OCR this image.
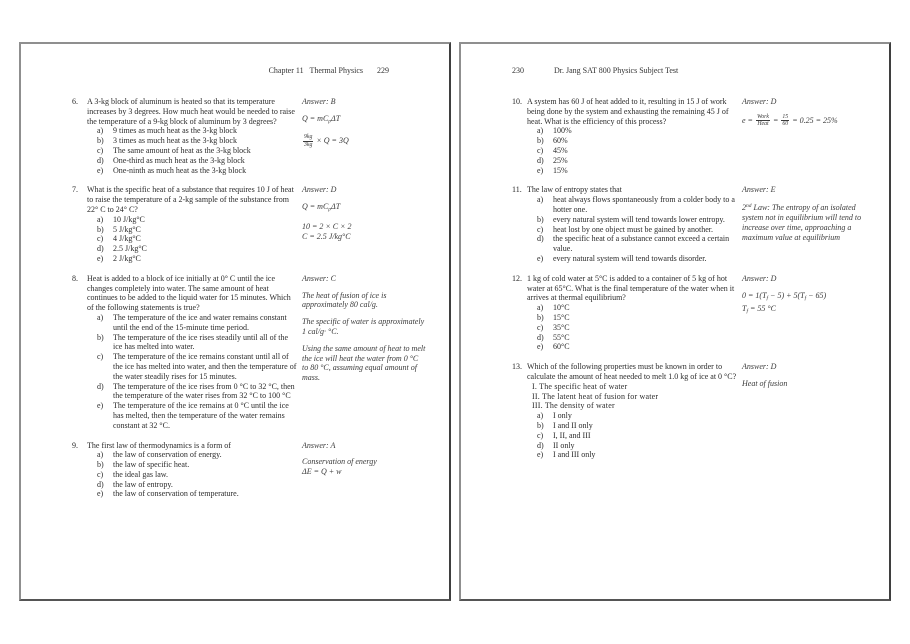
Chapter 11   Thermal Physics 229
6.	A 3-kg block of aluminum is heated so that its temperature increases by 3 degrees. How much heat would be needed to raise the temperature of a 9-kg block of aluminum by 3 degrees?
a)	9 times as much heat as the 3-kg block
b)	3 times as much heat as the 3-kg block
c)	The same amount of heat as the 3-kg block
d)	One-third as much heat as the 3-kg block
e)	One-ninth as much heat as the 3-kg block
Answer: B
$Q = mC_p\Delta T$
$\frac{9kg}{3kg} \times Q = 3Q$
7.	What is the specific heat of a substance that requires 10 J of heat to raise the temperature of a 2-kg sample of the substance from 22° C to 24° C?
a)	10 J/kg°C
b)	5 J/kg°C
c)	4 J/kg°C
d)	2.5 J/kg°C
e)	2 J/kg°C
Answer: D
$Q = mC_p\Delta T$
10 = 2 × C × 2
C = 2.5 J/kg°C
8.	Heat is added to a block of ice initially at 0° C until the ice changes completely into water. The same amount of heat continues to be added to the liquid water for 15 minutes. Which of the following statements is true?
a)	The temperature of the ice and water remains constant until the end of the 15-minute time period.
b)	The temperature of the ice rises steadily until all of the ice has melted into water.
c)	The temperature of the ice remains constant until all of the ice has melted into water, and then the temperature of the water steadily rises for 15 minutes.
d)	The temperature of the ice rises from 0 °C to 32 °C, then the temperature of the water rises from 32 °C to 100 °C
e)	The temperature of the ice remains at 0 °C until the ice has melted, then the temperature of the water remains constant at 32 °C.
Answer: C
The heat of fusion of ice is approximately 80 cal/g.
The specific of water is approximately 1 cal/g· °C.
Using the same amount of heat to melt the ice will heat the water from 0 °C to 80 °C, assuming equal amount of mass.
9.	The first law of thermodynamics is a form of
a)	the law of conservation of energy.
b)	the law of specific heat.
c)	the ideal gas law.
d)	the law of entropy.
e)	the law of conservation of temperature.
Answer: A
Conservation of energy
ΔE = Q + w
230	Dr. Jang SAT 800 Physics Subject Test
10. A system has 60 J of heat added to it, resulting in 15 J of work being done by the system and exhausting the remaining 45 J of heat. What is the efficiency of this process?
a)	100%
b)	60%
c)	45%
d)	25%
e)	15%
Answer: D
$e = \frac{\text{Work}}{\text{Heat}} = \frac{15}{60} = 0.25 = 25\%$
11. The law of entropy states that
a)	heat always flows spontaneously from a colder body to a hotter one.
b)	every natural system will tend towards lower entropy.
c)	heat lost by one object must be gained by another.
d)	the specific heat of a substance cannot exceed a certain value.
e)	every natural system will tend towards disorder.
Answer: E
2nd Law: The entropy of an isolated system not in equilibrium will tend to increase over time, approaching a maximum value at equilibrium
12. 1 kg of cold water at 5°C is added to a container of 5 kg of hot water at 65°C. What is the final temperature of the water when it arrives at thermal equilibrium?
a)	10°C
b)	15°C
c)	35°C
d)	55°C
e)	60°C
Answer: D
$0 = 1(T_f - 5) + 5(T_f - 65)$
$T_f = 55$ °C
13. Which of the following properties must be known in order to calculate the amount of heat needed to melt 1.0 kg of ice at 0 °C?
I. The specific heat of water
II. The latent heat of fusion for water
III. The density of water
a)	I only
b)	I and II only
c)	I, II, and III
d)	II only
e)	I and III only
Answer: D
Heat of fusion
